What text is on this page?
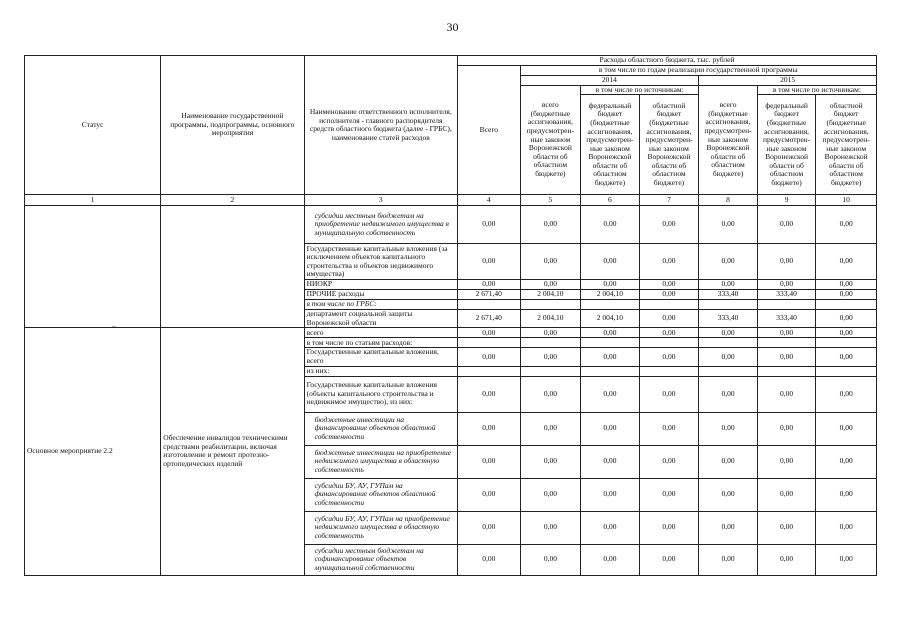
30
⌐
Статус	Наименование государственной программы, подпрограммы, основного мероприятия	Наименование ответственного исполнителя, исполнителя - главного распорядителя средств областного бюджета (далее - ГРБС), наименование статей расходов	Расходы областного бюджета, тыс. рублей						
			Всего	в том числе по годам реализации государственной программы					
				2014			2015		
				всего (бюджетные ассигнования, предусмотрен-ные законом Воронежской области об областном бюджете)	в том числе по источникам:		всего (бюджетные ассигнования, предусмотрен-ные законом Воронежской области об областном бюджете)	в том числе по источникам:	
					федеральный бюджет (бюджетные ассигнования, предусмотрен-ные законом Воронежской области об областном бюджете)	областной бюджет (бюджетные ассигнования, предусмотрен-ные законом Воронежской области об областном бюджете)		федеральный бюджет (бюджетные ассигнования, предусмотрен-ные законом Воронежской области об областном бюджете)	областной бюджет (бюджетные ассигнования, предусмотрен-ные законом Воронежской области об областном бюджете)

1	2	3	4	5	6	7	8	9	10
		субсидии местным бюджетам на приобретение недвижимого имущества в муниципальную собственность	0,00	0,00	0,00	0,00	0,00	0,00	0,00
		Государственные капитальные вложения (за исключением объектов капитального строительства и объектов недвижимого имущества)	0,00	0,00	0,00	0,00	0,00	0,00	0,00
		НИОКР	0,00	0,00	0,00	0,00	0,00	0,00	0,00
		ПРОЧИЕ расходы	2 671,40	2 004,10	2 004,10	0,00	333,40	333,40	0,00
		в том числе по ГРБС:							
		департамент социальной защиты Воронежской области	2 671,40	2 004,10	2 004,10	0,00	333,40	333,40	0,00
Основное мероприятие 2.2	Обеспечение инвалидов техническими средствами реабилитации, включая изготовление и ремонт протезно-ортопедических изделий	всего	0,00	0,00	0,00	0,00	0,00	0,00	0,00
		в том числе по статьям расходов:							
		Государственные капитальные вложения, всего	0,00	0,00	0,00	0,00	0,00	0,00	0,00
		из них:							
		Государственные капитальные вложения (объекты капитального строительства и недвижимое имущество), из них:	0,00	0,00	0,00	0,00	0,00	0,00	0,00
		бюджетные инвестиции на финансирование объектов областной собственности	0,00	0,00	0,00	0,00	0,00	0,00	0,00
		бюджетные инвестиции на приобретение недвижимого имущества в областную собственность	0,00	0,00	0,00	0,00	0,00	0,00	0,00
		субсидии БУ, АУ, ГУПам на финансирование объектов областной собственности	0,00	0,00	0,00	0,00	0,00	0,00	0,00
		субсидии БУ, АУ, ГУПам на приобретение недвижимого имущества в областную собственность	0,00	0,00	0,00	0,00	0,00	0,00	0,00
		субсидии местным бюджетам на софинансирование объектов муниципальной собственности	0,00	0,00	0,00	0,00	0,00	0,00	0,00
